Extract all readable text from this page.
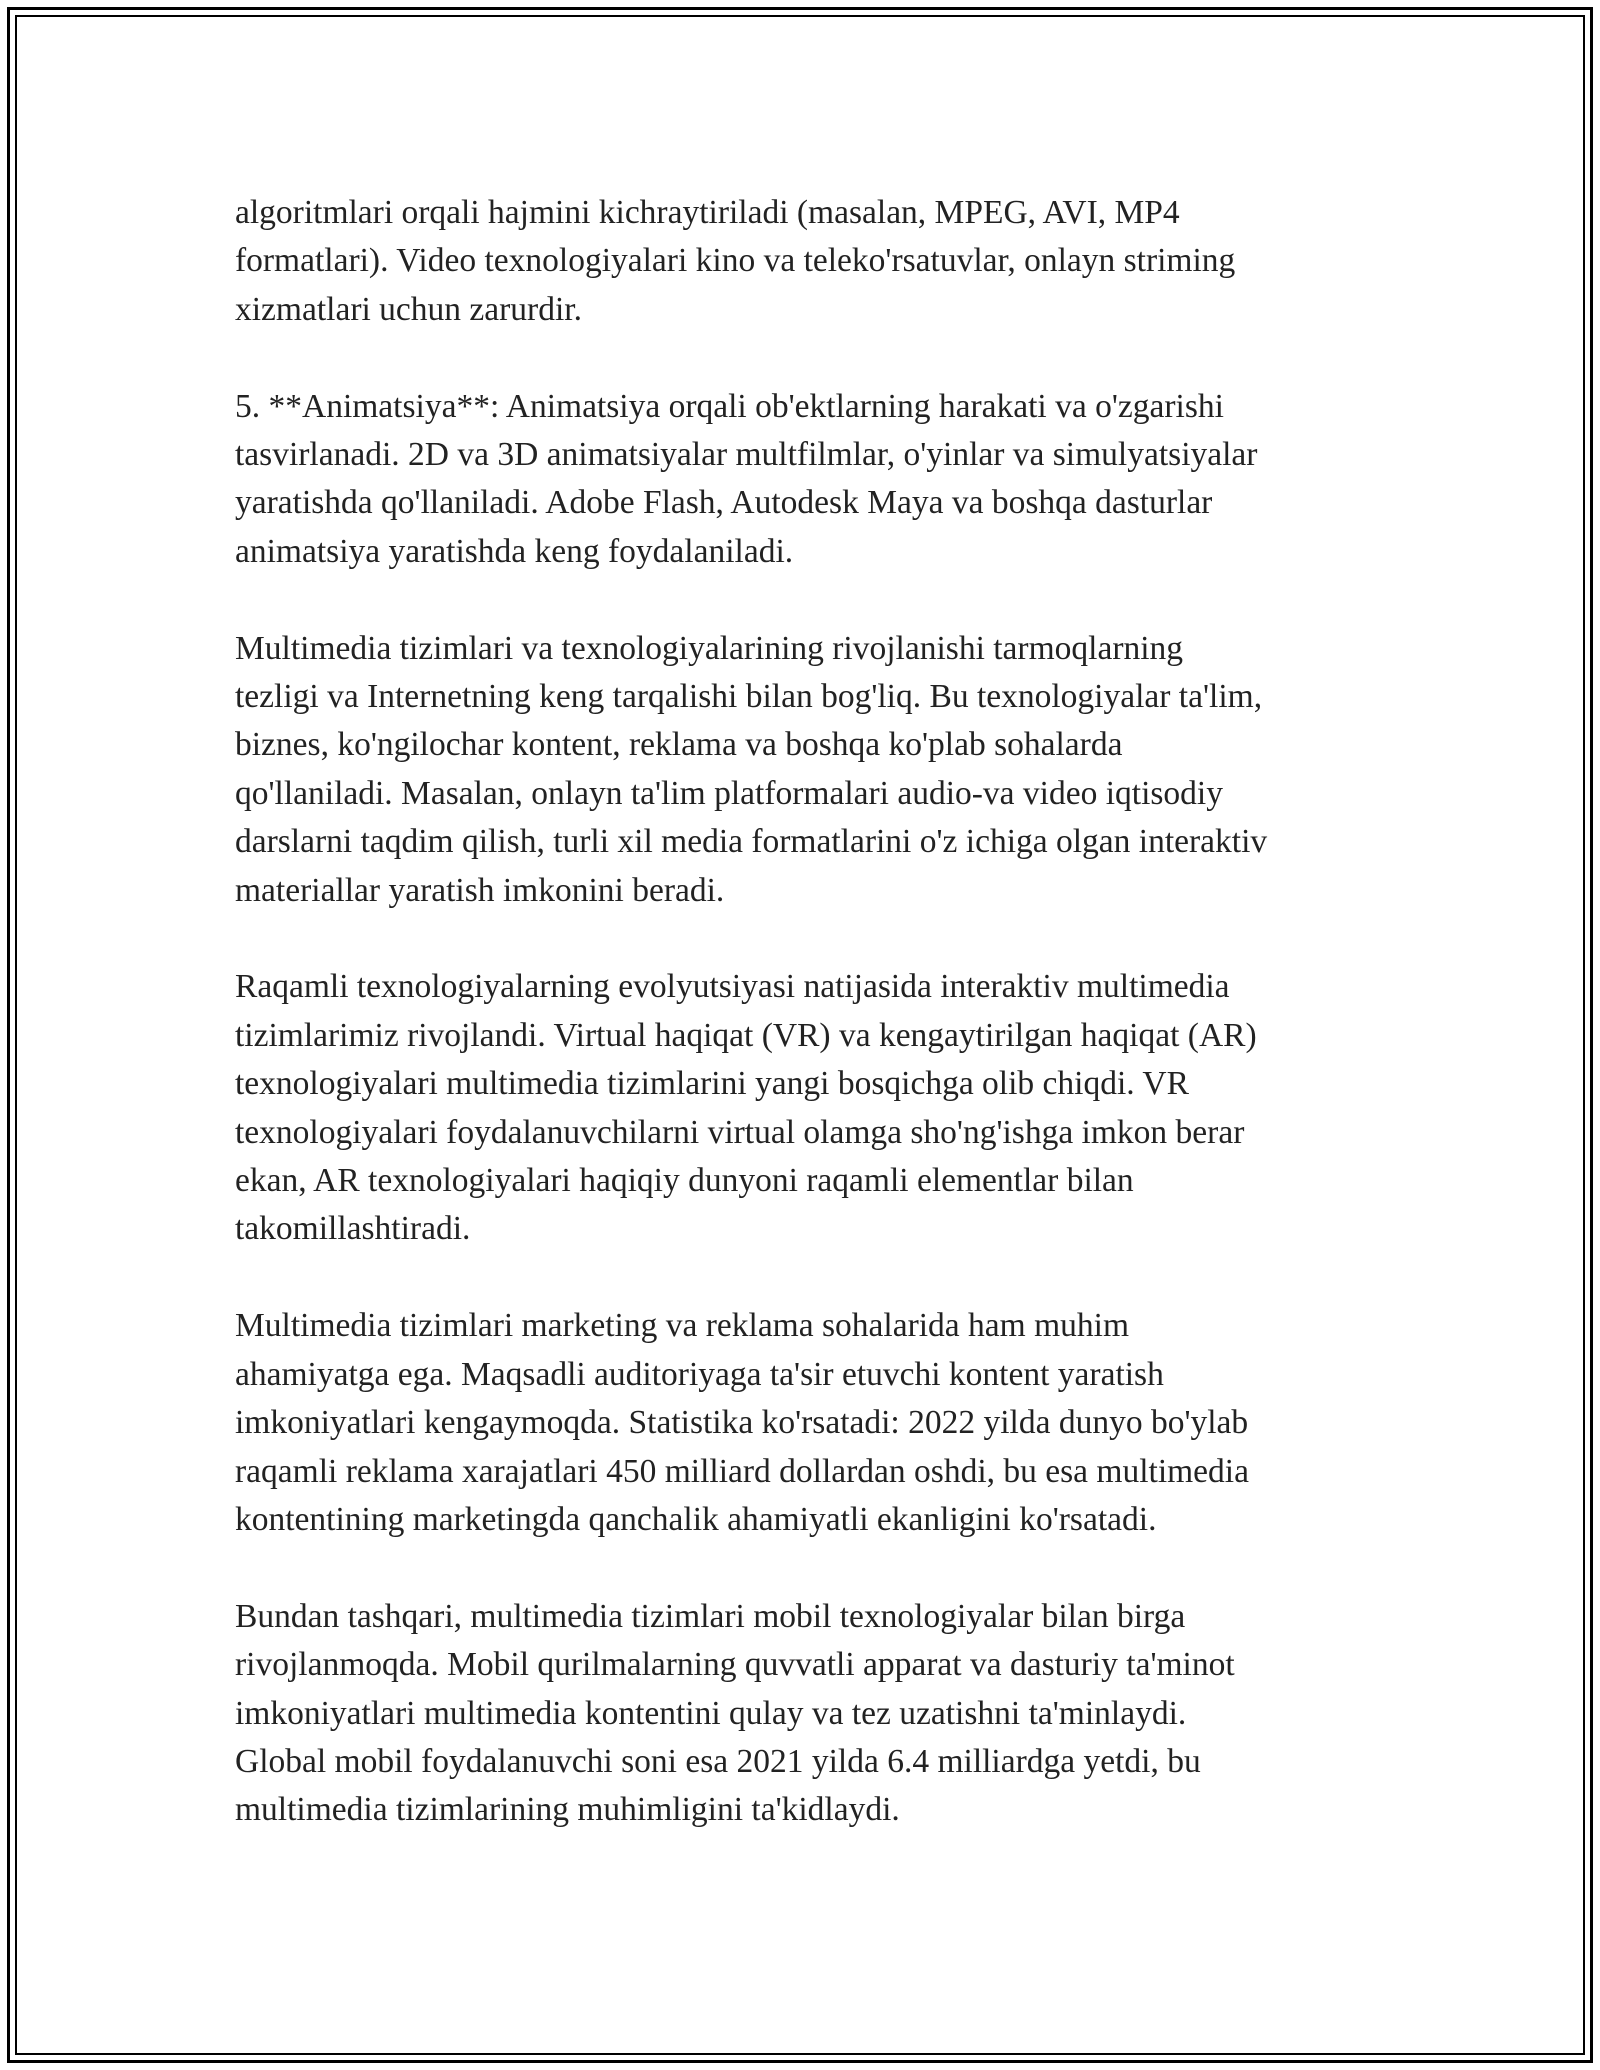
algoritmlari orqali hajmini kichraytiriladi (masalan, MPEG, AVI, MP4
formatlari). Video texnologiyalari kino va teleko'rsatuvlar, onlayn striming
xizmatlari uchun zarurdir.

5. **Animatsiya**: Animatsiya orqali ob'ektlarning harakati va o'zgarishi
tasvirlanadi. 2D va 3D animatsiyalar multfilmlar, o'yinlar va simulyatsiyalar
yaratishda qo'llaniladi. Adobe Flash, Autodesk Maya va boshqa dasturlar
animatsiya yaratishda keng foydalaniladi.

Multimedia tizimlari va texnologiyalarining rivojlanishi tarmoqlarning
tezligi va Internetning keng tarqalishi bilan bog'liq. Bu texnologiyalar ta'lim,
biznes, ko'ngilochar kontent, reklama va boshqa ko'plab sohalarda
qo'llaniladi. Masalan, onlayn ta'lim platformalari audio-va video iqtisodiy
darslarni taqdim qilish, turli xil media formatlarini o'z ichiga olgan interaktiv
materiallar yaratish imkonini beradi.

Raqamli texnologiyalarning evolyutsiyasi natijasida interaktiv multimedia
tizimlarimiz rivojlandi. Virtual haqiqat (VR) va kengaytirilgan haqiqat (AR)
texnologiyalari multimedia tizimlarini yangi bosqichga olib chiqdi. VR
texnologiyalari foydalanuvchilarni virtual olamga sho'ng'ishga imkon berar
ekan, AR texnologiyalari haqiqiy dunyoni raqamli elementlar bilan
takomillashtiradi.

Multimedia tizimlari marketing va reklama sohalarida ham muhim
ahamiyatga ega. Maqsadli auditoriyaga ta'sir etuvchi kontent yaratish
imkoniyatlari kengaymoqda. Statistika ko'rsatadi: 2022 yilda dunyo bo'ylab
raqamli reklama xarajatlari 450 milliard dollardan oshdi, bu esa multimedia
kontentining marketingda qanchalik ahamiyatli ekanligini ko'rsatadi.

Bundan tashqari, multimedia tizimlari mobil texnologiyalar bilan birga
rivojlanmoqda. Mobil qurilmalarning quvvatli apparat va dasturiy ta'minot
imkoniyatlari multimedia kontentini qulay va tez uzatishni ta'minlaydi.
Global mobil foydalanuvchi soni esa 2021 yilda 6.4 milliardga yetdi, bu
multimedia tizimlarining muhimligini ta'kidlaydi.
